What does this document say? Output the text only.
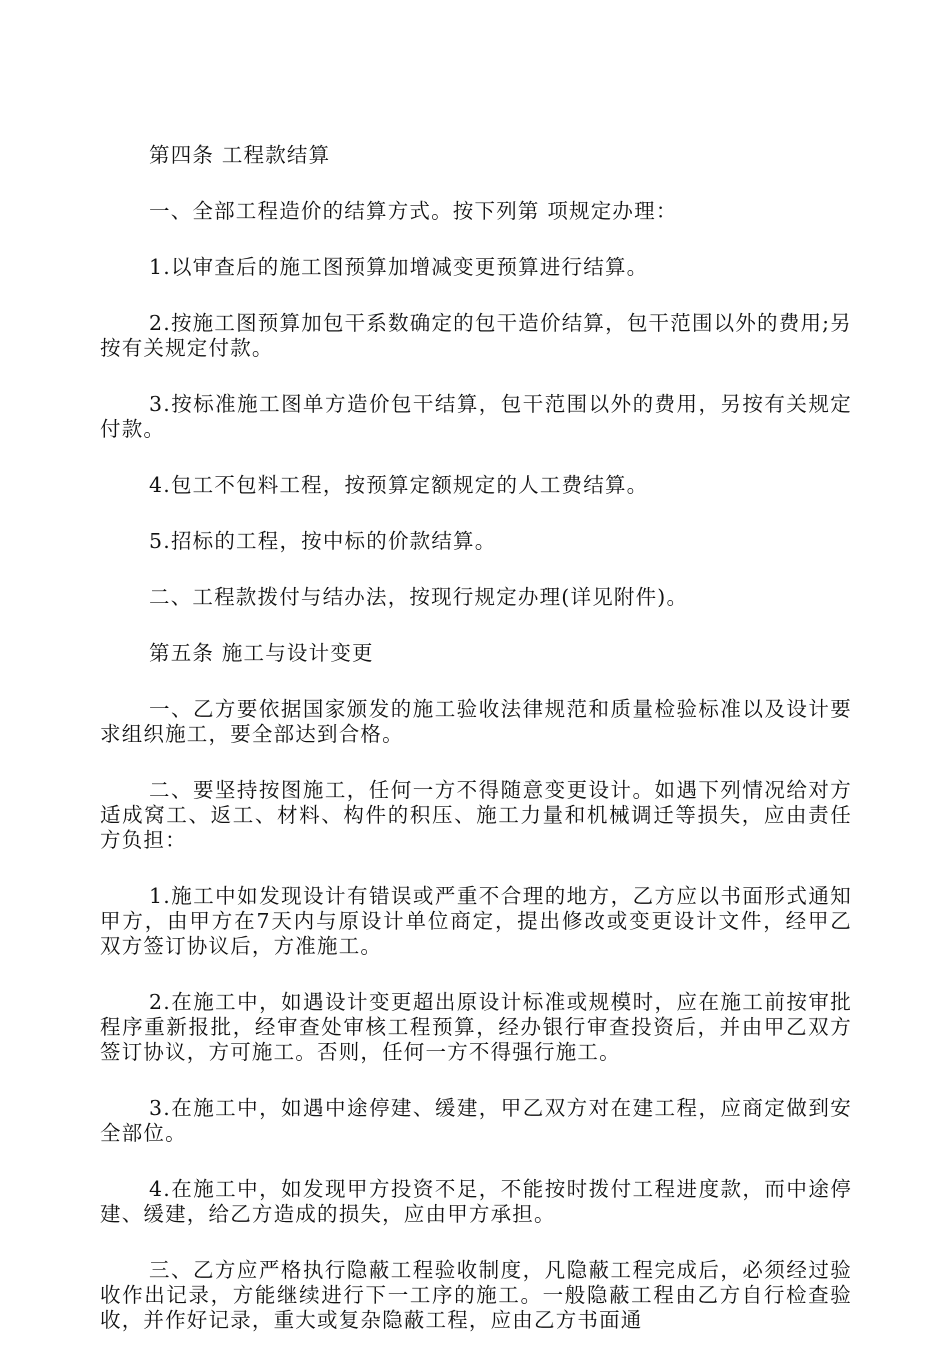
第四条 工程款结算

一、全部工程造价的结算方式。按下列第 项规定办理：

1.以审查后的施工图预算加增减变更预算进行结算。

2.按施工图预算加包干系数确定的包干造价结算，包干范围以外的费用;另按有关规定付款。

3.按标准施工图单方造价包干结算，包干范围以外的费用，另按有关规定付款。

4.包工不包料工程，按预算定额规定的人工费结算。

5.招标的工程，按中标的价款结算。

二、工程款拨付与结办法，按现行规定办理(详见附件)。

第五条 施工与设计变更

一、乙方要依据国家颁发的施工验收法律规范和质量检验标准以及设计要求组织施工，要全部达到合格。

二、要坚持按图施工，任何一方不得随意变更设计。如遇下列情况给对方适成窝工、返工、材料、构件的积压、施工力量和机械调迁等损失，应由责任方负担：

1.施工中如发现设计有错误或严重不合理的地方，乙方应以书面形式通知甲方，由甲方在7天内与原设计单位商定，提出修改或变更设计文件，经甲乙双方签订协议后，方准施工。

2.在施工中，如遇设计变更超出原设计标准或规模时，应在施工前按审批程序重新报批，经审查处审核工程预算，经办银行审查投资后，并由甲乙双方签订协议，方可施工。否则，任何一方不得强行施工。

3.在施工中，如遇中途停建、缓建，甲乙双方对在建工程，应商定做到安全部位。

4.在施工中，如发现甲方投资不足，不能按时拨付工程进度款，而中途停建、缓建，给乙方造成的损失，应由甲方承担。

三、乙方应严格执行隐蔽工程验收制度，凡隐蔽工程完成后，必须经过验收作出记录，方能继续进行下一工序的施工。一般隐蔽工程由乙方自行检查验收，并作好记录，重大或复杂隐蔽工程，应由乙方书面通
